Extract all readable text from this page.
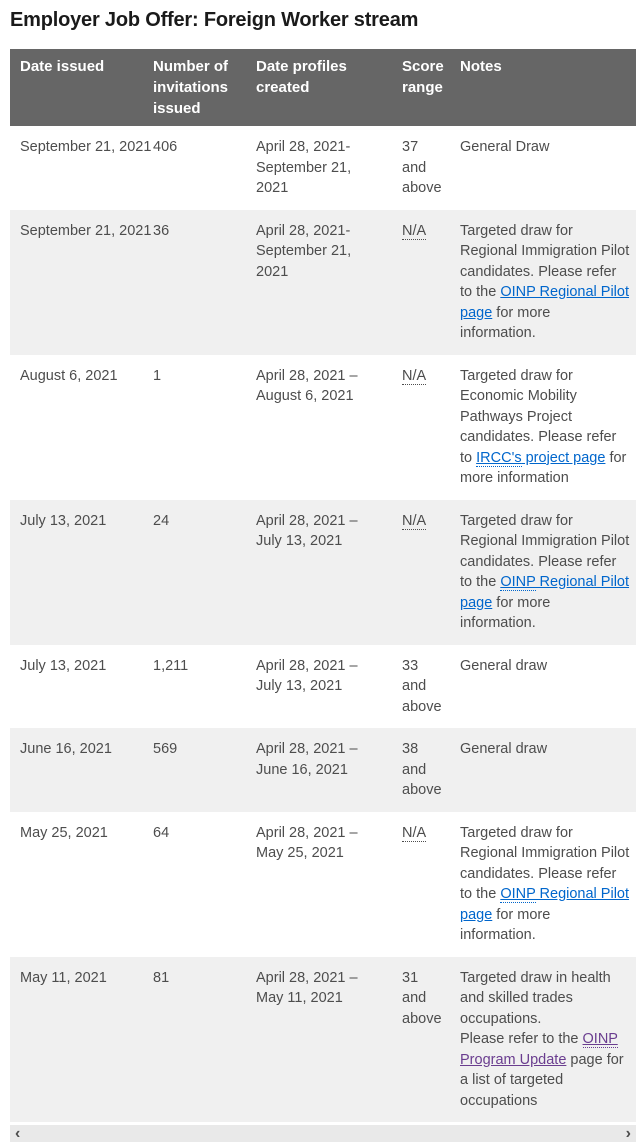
Employer Job Offer: Foreign Worker stream
Date issued	Number of invitations issued	Date profiles created	Score range	Notes
September 21, 2021	406	April 28, 2021-September 21, 2021	37 and above	General Draw
September 21, 2021	36	April 28, 2021-September 21, 2021	N/A	Targeted draw for Regional Immigration Pilot candidates. Please refer to the OINP Regional Pilot page for more information.
August 6, 2021	1	April 28, 2021 – August 6, 2021	N/A	Targeted draw for Economic Mobility Pathways Project candidates. Please refer to IRCC's project page for more information
July 13, 2021	24	April 28, 2021 – July 13, 2021	N/A	Targeted draw for Regional Immigration Pilot candidates. Please refer to the OINP Regional Pilot page for more information.
July 13, 2021	1,211	April 28, 2021 – July 13, 2021	33 and above	General draw
June 16, 2021	569	April 28, 2021 – June 16, 2021	38 and above	General draw
May 25, 2021	64	April 28, 2021 – May 25, 2021	N/A	Targeted draw for Regional Immigration Pilot candidates. Please refer to the OINP Regional Pilot page for more information.
May 11, 2021	81	April 28, 2021 – May 11, 2021	31 and above	Targeted draw in health and skilled trades occupations.
Please refer to the OINP Program Update page for a list of targeted occupations
‹	›
